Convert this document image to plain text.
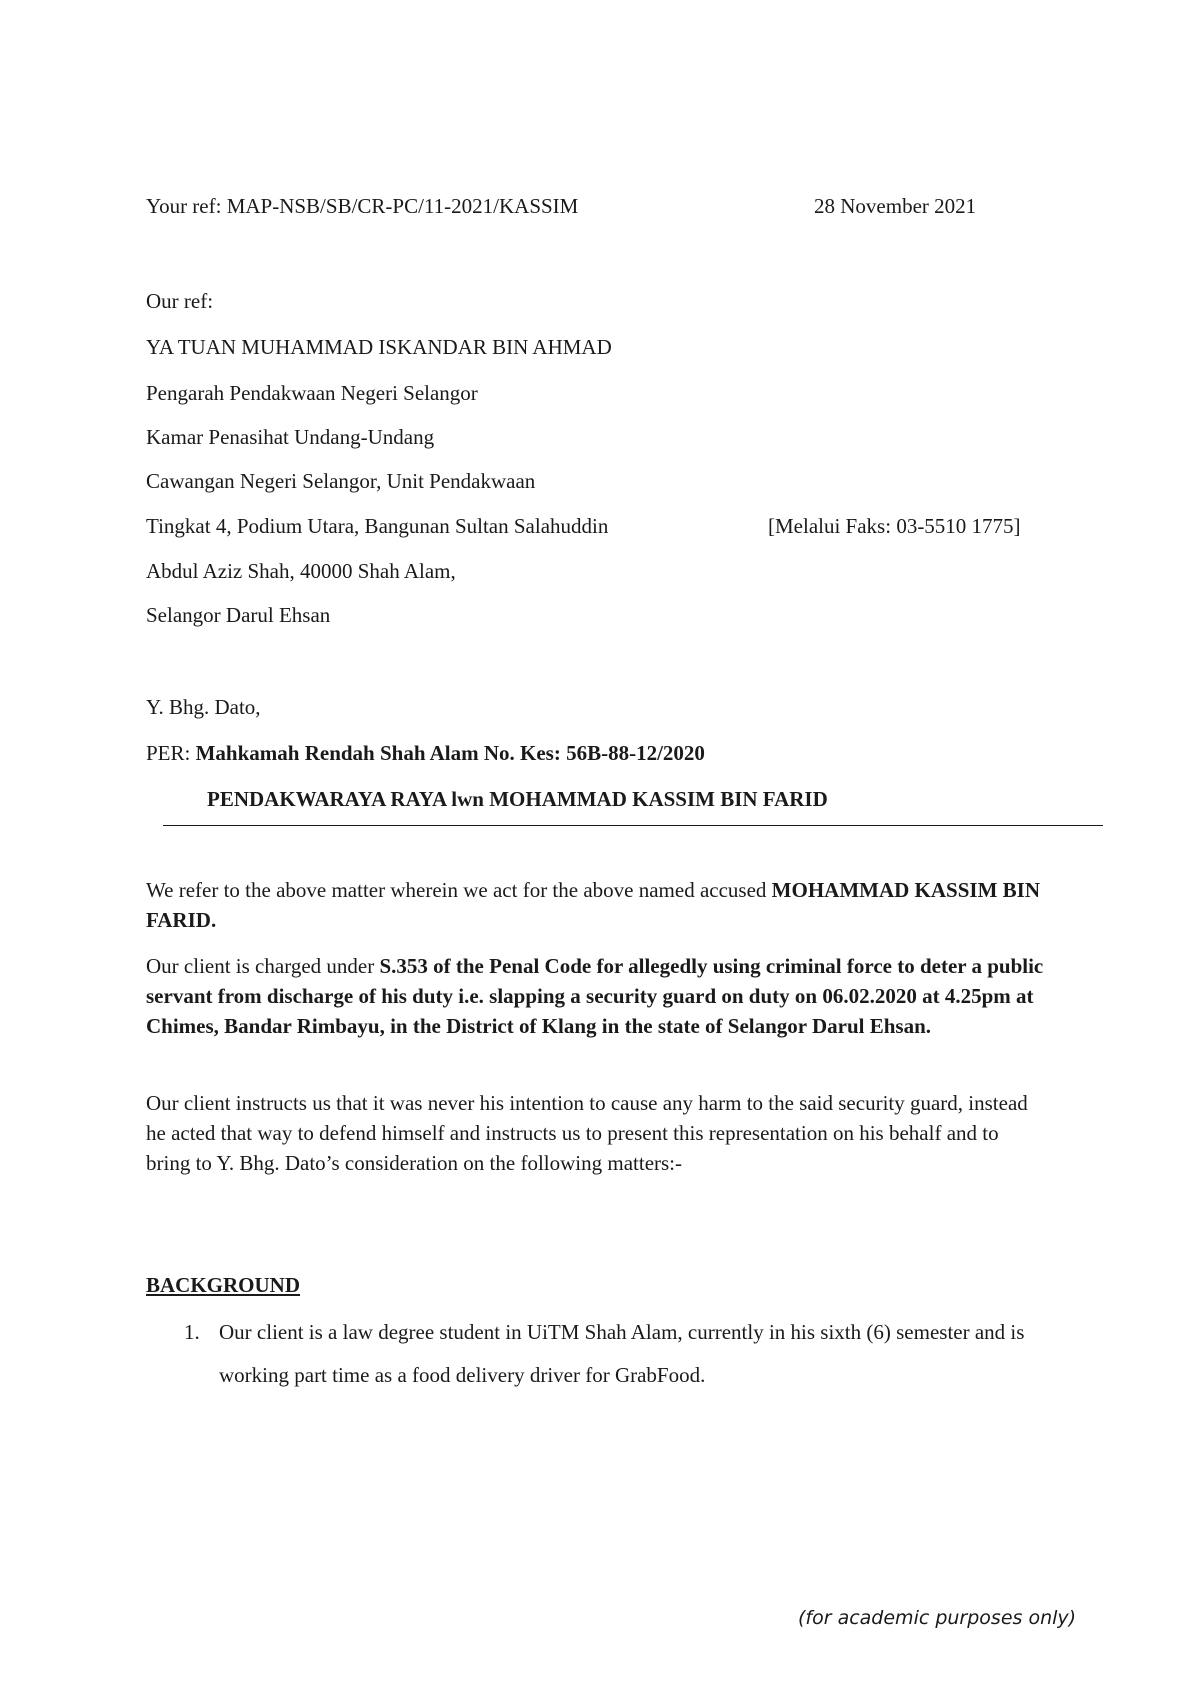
Your ref: MAP-NSB/SB/CR-PC/11-2021/KASSIM	28 November 2021
Our ref:
YA TUAN MUHAMMAD ISKANDAR BIN AHMAD
Pengarah Pendakwaan Negeri Selangor
Kamar Penasihat Undang-Undang
Cawangan Negeri Selangor, Unit Pendakwaan
Tingkat 4, Podium Utara, Bangunan Sultan Salahuddin	[Melalui Faks: 03-5510 1775]
Abdul Aziz Shah, 40000 Shah Alam,
Selangor Darul Ehsan
Y. Bhg. Dato,
PER: Mahkamah Rendah Shah Alam No. Kes: 56B-88-12/2020
PENDAKWARAYA RAYA lwn MOHAMMAD KASSIM BIN FARID
We refer to the above matter wherein we act for the above named accused MOHAMMAD KASSIM BIN FARID.
Our client is charged under S.353 of the Penal Code for allegedly using criminal force to deter a public servant from discharge of his duty i.e. slapping a security guard on duty on 06.02.2020 at 4.25pm at Chimes, Bandar Rimbayu, in the District of Klang in the state of Selangor Darul Ehsan.
Our client instructs us that it was never his intention to cause any harm to the said security guard, instead he acted that way to defend himself and instructs us to present this representation on his behalf and to bring to Y. Bhg. Dato’s consideration on the following matters:-
BACKGROUND
1. Our client is a law degree student in UiTM Shah Alam, currently in his sixth (6) semester and is working part time as a food delivery driver for GrabFood.
(for academic purposes only)
